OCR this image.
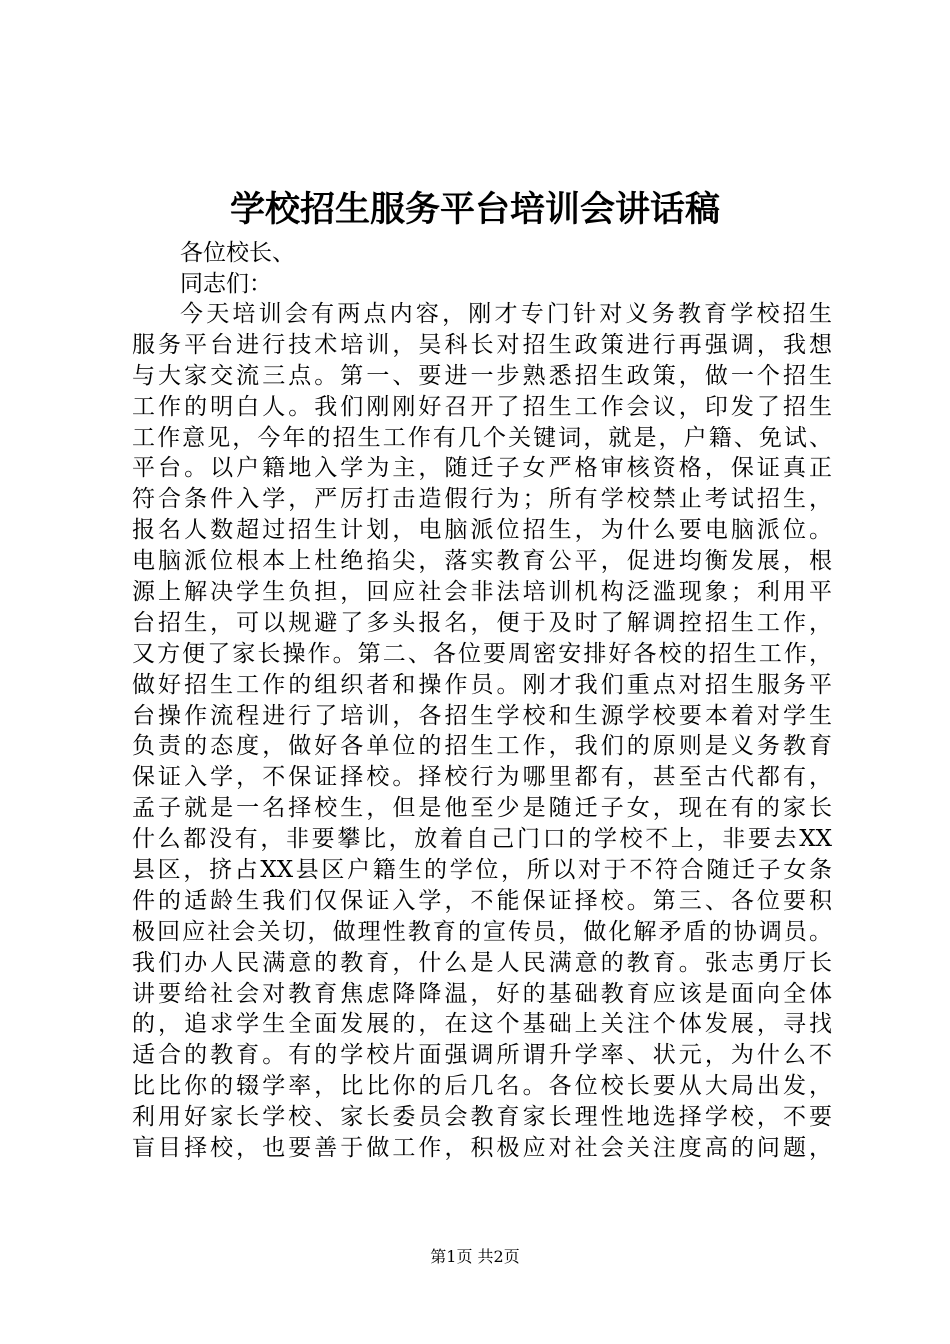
学校招生服务平台培训会讲话稿

各位校长、

同志们：

今天培训会有两点内容，刚才专门针对义务教育学校招生
服务平台进行技术培训，吴科长对招生政策进行再强调，我想
与大家交流三点。第一、要进一步熟悉招生政策，做一个招生
工作的明白人。我们刚刚好召开了招生工作会议，印发了招生
工作意见，今年的招生工作有几个关键词，就是，户籍、免试、
平台。以户籍地入学为主，随迁子女严格审核资格，保证真正
符合条件入学，严厉打击造假行为；所有学校禁止考试招生，
报名人数超过招生计划，电脑派位招生，为什么要电脑派位。
电脑派位根本上杜绝掐尖，落实教育公平，促进均衡发展，根
源上解决学生负担，回应社会非法培训机构泛滥现象；利用平
台招生，可以规避了多头报名，便于及时了解调控招生工作，
又方便了家长操作。第二、各位要周密安排好各校的招生工作，
做好招生工作的组织者和操作员。刚才我们重点对招生服务平
台操作流程进行了培训，各招生学校和生源学校要本着对学生
负责的态度，做好各单位的招生工作，我们的原则是义务教育
保证入学，不保证择校。择校行为哪里都有，甚至古代都有，
孟子就是一名择校生，但是他至少是随迁子女，现在有的家长
什么都没有，非要攀比，放着自己门口的学校不上，非要去XX
县区，挤占XX县区户籍生的学位，所以对于不符合随迁子女条
件的适龄生我们仅保证入学，不能保证择校。第三、各位要积
极回应社会关切，做理性教育的宣传员，做化解矛盾的协调员。
我们办人民满意的教育，什么是人民满意的教育。张志勇厅长
讲要给社会对教育焦虑降降温，好的基础教育应该是面向全体
的，追求学生全面发展的，在这个基础上关注个体发展，寻找
适合的教育。有的学校片面强调所谓升学率、状元，为什么不
比比你的辍学率，比比你的后几名。各位校长要从大局出发，
利用好家长学校、家长委员会教育家长理性地选择学校，不要
盲目择校，也要善于做工作，积极应对社会关注度高的问题，

第1页 共2页
